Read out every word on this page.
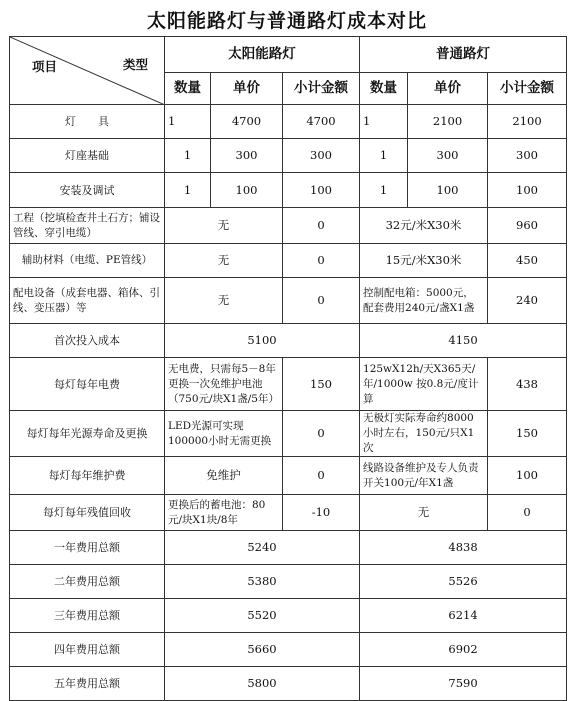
太阳能路灯与普通路灯成本对比
项目 类型	太阳能路灯			普通路灯		
	数量	单价	小计金额	数量	单价	小计金额
灯　　具	1	4700	4700	1	2100	2100
灯座基础	1	300	300	1	300	300
安装及调试	1	100	100	1	100	100
工程（挖填检查井土石方；铺设管线、穿引电缆）	无		0	32元/米X30米		960
辅助材料（电缆、PE管线）	无		0	15元/米X30米		450
配电设备（成套电器、箱体、引线、变压器）等	无		0	控制配电箱：5000元，配套费用240元/盏X1盏		240
首次投入成本	5100			4150		
每灯每年电费	无电费，只需每5－8年更换一次免维护电池（750元/块X1盏/5年）		150	125wX12h/天X365天/年/1000w 按0.8元/度计算		438
每灯每年光源寿命及更换	LED光源可实现100000小时无需更换		0	无极灯实际寿命约8000小时左右，150元/只X1次		150
每灯每年维护费	免维护		0	线路设备维护及专人负责开关100元/年X1盏		100
每灯每年残值回收	更换后的蓄电池：80元/块X1块/8年		-10	无		0
一年费用总额	5240			4838		
二年费用总额	5380			5526		
三年费用总额	5520			6214		
四年费用总额	5660			6902		
五年费用总额	5800			7590		
